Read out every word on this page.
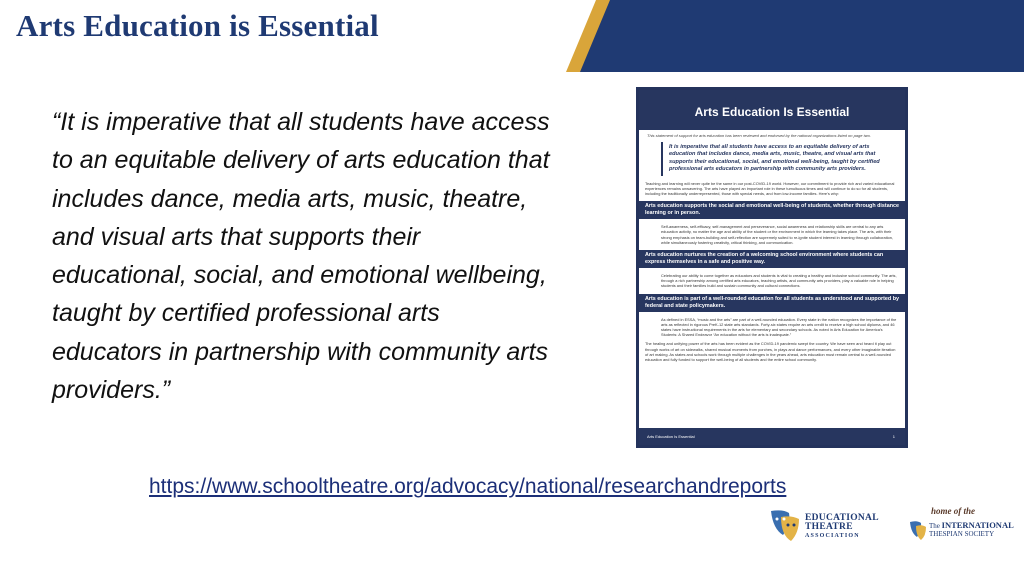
Arts Education is Essential
“It is imperative that all students have access to an equitable delivery of arts education that includes dance, media arts, music, theatre, and visual arts that supports their educational, social, and emotional wellbeing, taught by certified professional arts educators in partnership with community arts providers.”
Arts Education Is Essential
This statement of support for arts education has been reviewed and endorsed by the national organizations listed on page two.
It is imperative that all students have access to an equitable delivery of arts education that includes dance, media arts, music, theatre, and visual arts that supports their educational, social, and emotional well-being, taught by certified professional arts educators in partnership with community arts providers.
Teaching and learning will never quite be the same in our post-COVID-19 world. However, our commitment to provide rich and varied educational experiences remains unwavering. The arts have played an important role in these tumultuous times and will continue to do so for all students, including the traditionally underrepresented, those with special needs, and from low-income families. Here's why:
Arts education supports the social and emotional well-being of students, whether through distance learning or in person.
Self-awareness, self-efficacy, self-management and perseverance, social awareness and relationship skills are central to any arts education activity, no matter the age and ability of the student or the environment in which the learning takes place. The arts, with their strong emphasis on team-building and self-reflection are supremely suited to re-ignite student interest in learning through collaboration, while simultaneously fostering creativity, critical thinking, and communication.
Arts education nurtures the creation of a welcoming school environment where students can express themselves in a safe and positive way.
Celebrating our ability to come together as educators and students is vital to creating a healthy and inclusive school community. The arts, through a rich partnership among certified arts educators, teaching artists, and community arts providers, play a valuable role in helping students and their families build and sustain community and cultural connections.
Arts education is part of a well-rounded education for all students as understood and supported by federal and state policymakers.
As defined in ESSA, “music and the arts” are part of a well-rounded education. Every state in the nation recognizes the importance of the arts as reflected in rigorous PreK-12 state arts standards. Forty-six states require an arts credit to receive a high school diploma, and 46 states have instructional requirements in the arts for elementary and secondary schools. As noted in Arts Education for America's Students: A Shared Endeavor “An education without the arts is inadequate.”
The healing and unifying power of the arts has been evident as the COVID-19 pandemic swept the country. We have seen and heard it play out through works of art on sidewalks, shared musical moments from porches, in plays and dance performances, and every other imaginable iteration of art making. As states and schools work through multiple challenges in the years ahead, arts education must remain central to a well-rounded education and fully funded to support the well-being of all students and the entire school community.
Arts Education Is Essential	1
https://www.schooltheatre.org/advocacy/national/researchandreports
EDUCATIONAL
THEATRE
ASSOCIATION
home of the
The INTERNATIONAL
THESPIAN SOCIETY
